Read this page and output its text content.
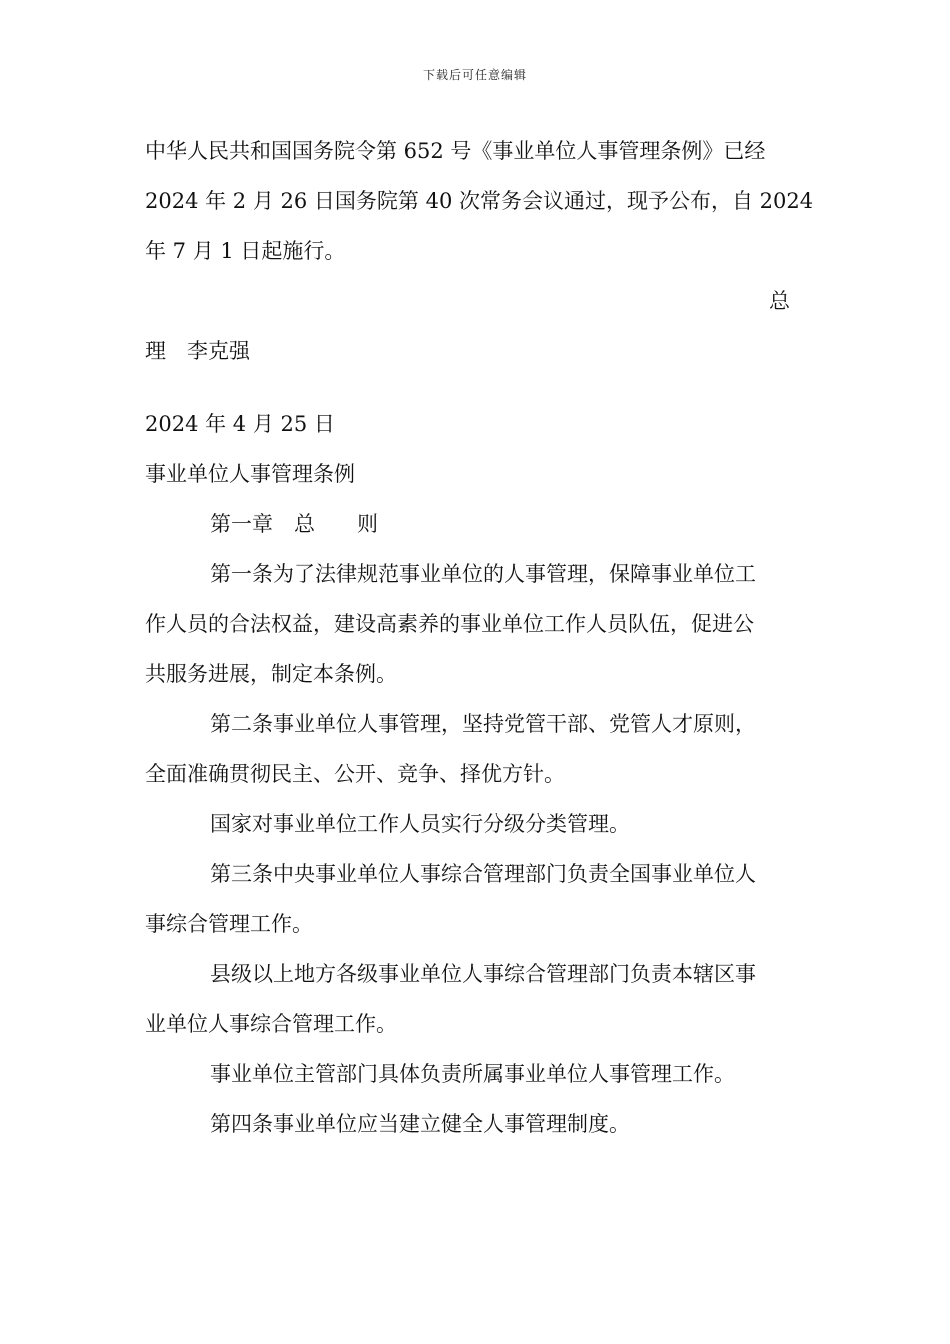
下载后可任意编辑
中华人民共和国国务院令第 652 号《事业单位人事管理条例》已经
2024 年 2 月 26 日国务院第 40 次常务会议通过，现予公布，自 2024
年 7 月 1 日起施行。
总
理　李克强
2024 年 4 月 25 日
事业单位人事管理条例
第一章　总　　则
第一条为了法律规范事业单位的人事管理，保障事业单位工
作人员的合法权益，建设高素养的事业单位工作人员队伍，促进公
共服务进展，制定本条例。
第二条事业单位人事管理，坚持党管干部、党管人才原则，
全面准确贯彻民主、公开、竞争、择优方针。
国家对事业单位工作人员实行分级分类管理。
第三条中央事业单位人事综合管理部门负责全国事业单位人
事综合管理工作。
县级以上地方各级事业单位人事综合管理部门负责本辖区事
业单位人事综合管理工作。
事业单位主管部门具体负责所属事业单位人事管理工作。
第四条事业单位应当建立健全人事管理制度。
